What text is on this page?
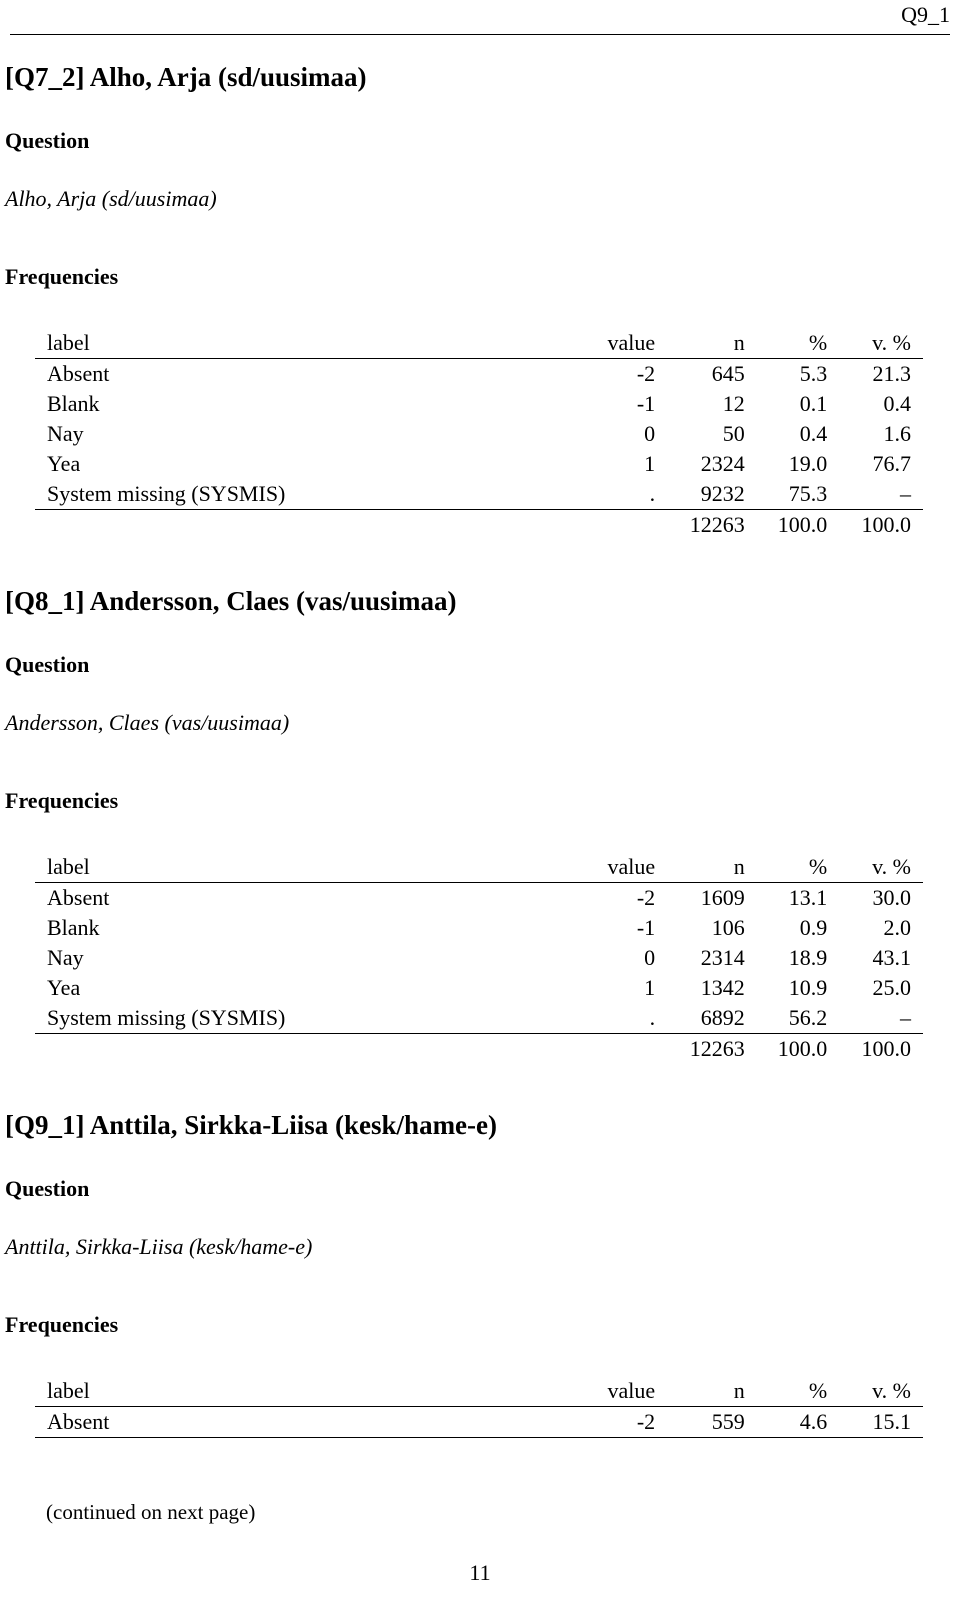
Q9_1
[Q7_2] Alho, Arja (sd/uusimaa)
Question

Alho, Arja (sd/uusimaa)

Frequencies
label	value	n	%	v. %
Absent	-2	645	5.3	21.3
Blank	-1	12	0.1	0.4
Nay	0	50	0.4	1.6
Yea	1	2324	19.0	76.7
System missing (SYSMIS)	.	9232	75.3	–
		12263	100.0	100.0
[Q8_1] Andersson, Claes (vas/uusimaa)
Question

Andersson, Claes (vas/uusimaa)

Frequencies
label	value	n	%	v. %
Absent	-2	1609	13.1	30.0
Blank	-1	106	0.9	2.0
Nay	0	2314	18.9	43.1
Yea	1	1342	10.9	25.0
System missing (SYSMIS)	.	6892	56.2	–
		12263	100.0	100.0
[Q9_1] Anttila, Sirkka-Liisa (kesk/hame-e)
Question

Anttila, Sirkka-Liisa (kesk/hame-e)

Frequencies
label	value	n	%	v. %
Absent	-2	559	4.6	15.1
(continued on next page)
11
